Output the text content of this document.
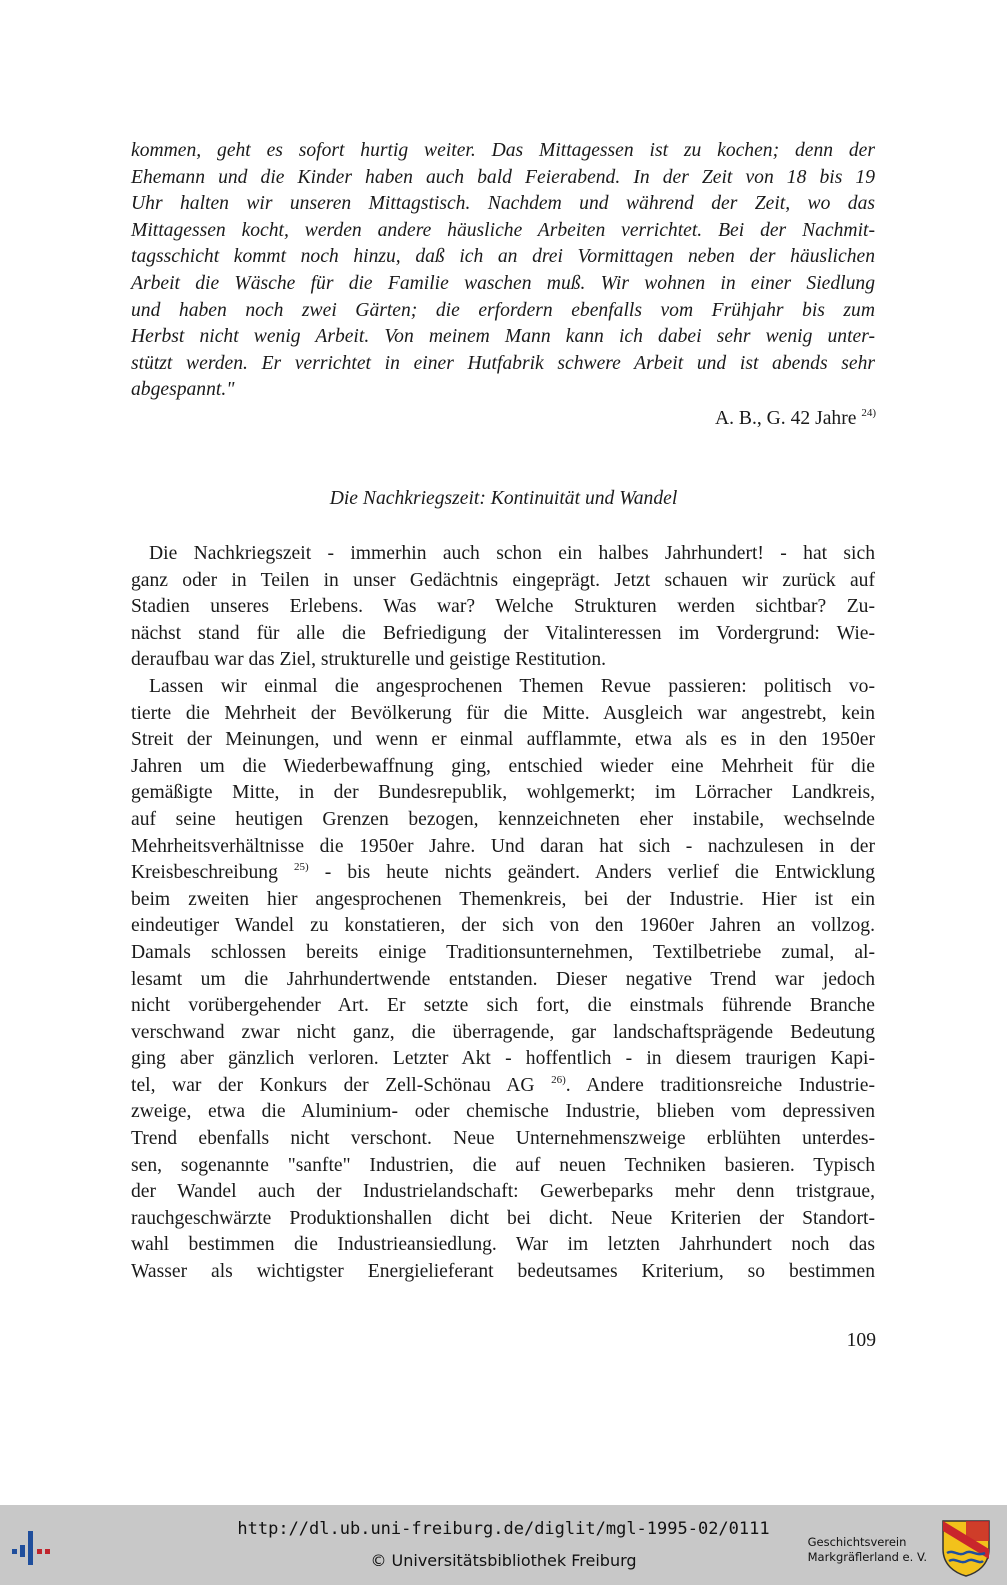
kommen, geht es sofort hurtig weiter. Das Mittagessen ist zu kochen; denn der
Ehemann und die Kinder haben auch bald Feierabend. In der Zeit von 18 bis 19
Uhr halten wir unseren Mittagstisch. Nachdem und während der Zeit, wo das
Mittagessen kocht, werden andere häusliche Arbeiten verrichtet. Bei der Nachmit-
tagsschicht kommt noch hinzu, daß ich an drei Vormittagen neben der häuslichen
Arbeit die Wäsche für die Familie waschen muß. Wir wohnen in einer Siedlung
und haben noch zwei Gärten; die erfordern ebenfalls vom Frühjahr bis zum
Herbst nicht wenig Arbeit. Von meinem Mann kann ich dabei sehr wenig unter-
stützt werden. Er verrichtet in einer Hutfabrik schwere Arbeit und ist abends sehr
abgespannt."
A. B., G. 42 Jahre $^{24)}$
Die Nachkriegszeit: Kontinuität und Wandel
Die Nachkriegszeit - immerhin auch schon ein halbes Jahrhundert! - hat sich
ganz oder in Teilen in unser Gedächtnis eingeprägt. Jetzt schauen wir zurück auf
Stadien unseres Erlebens. Was war? Welche Strukturen werden sichtbar? Zu-
nächst stand für alle die Befriedigung der Vitalinteressen im Vordergrund: Wie-
deraufbau war das Ziel, strukturelle und geistige Restitution.
Lassen wir einmal die angesprochenen Themen Revue passieren: politisch vo-
tierte die Mehrheit der Bevölkerung für die Mitte. Ausgleich war angestrebt, kein
Streit der Meinungen, und wenn er einmal aufflammte, etwa als es in den 1950er
Jahren um die Wiederbewaffnung ging, entschied wieder eine Mehrheit für die
gemäßigte Mitte, in der Bundesrepublik, wohlgemerkt; im Lörracher Landkreis,
auf seine heutigen Grenzen bezogen, kennzeichneten eher instabile, wechselnde
Mehrheitsverhältnisse die 1950er Jahre. Und daran hat sich - nachzulesen in der
Kreisbeschreibung $^{25)}$ - bis heute nichts geändert. Anders verlief die Entwicklung
beim zweiten hier angesprochenen Themenkreis, bei der Industrie. Hier ist ein
eindeutiger Wandel zu konstatieren, der sich von den 1960er Jahren an vollzog.
Damals schlossen bereits einige Traditionsunternehmen, Textilbetriebe zumal, al-
lesamt um die Jahrhundertwende entstanden. Dieser negative Trend war jedoch
nicht vorübergehender Art. Er setzte sich fort, die einstmals führende Branche
verschwand zwar nicht ganz, die überragende, gar landschaftsprägende Bedeutung
ging aber gänzlich verloren. Letzter Akt - hoffentlich - in diesem traurigen Kapi-
tel, war der Konkurs der Zell-Schönau AG $^{26)}$. Andere traditionsreiche Industrie-
zweige, etwa die Aluminium- oder chemische Industrie, blieben vom depressiven
Trend ebenfalls nicht verschont. Neue Unternehmenszweige erblühten unterdes-
sen, sogenannte "sanfte" Industrien, die auf neuen Techniken basieren. Typisch
der Wandel auch der Industrielandschaft: Gewerbeparks mehr denn tristgraue,
rauchgeschwärzte Produktionshallen dicht bei dicht. Neue Kriterien der Standort-
wahl bestimmen die Industrieansiedlung. War im letzten Jahrhundert noch das
Wasser als wichtigster Energielieferant bedeutsames Kriterium, so bestimmen
109
http://dl.ub.uni-freiburg.de/diglit/mgl-1995-02/0111
© Universitätsbibliothek Freiburg
Geschichtsverein
Markgräflerland e. V.
